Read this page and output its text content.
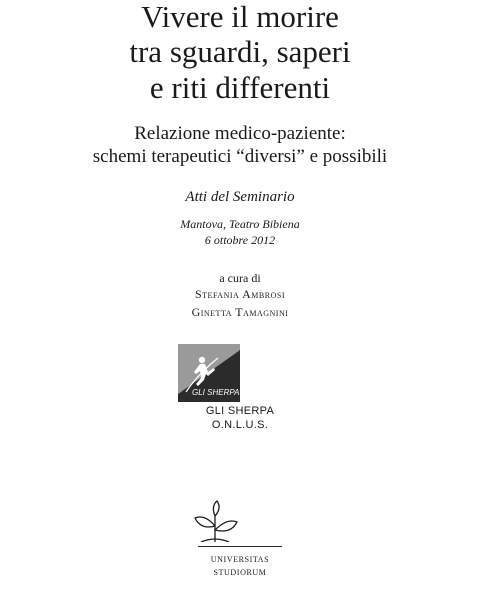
Vivere il morire
tra sguardi, saperi
e riti differenti
Relazione medico-paziente:
schemi terapeutici “diversi” e possibili
Atti del Seminario
Mantova, Teatro Bibiena
6 ottobre 2012
a cura di
Stefania Ambrosi
Ginetta Tamagnini
GLI SHERPA
GLI SHERPA
O.N.L.U.S.
UNIVERSITAS
STUDIORUM
